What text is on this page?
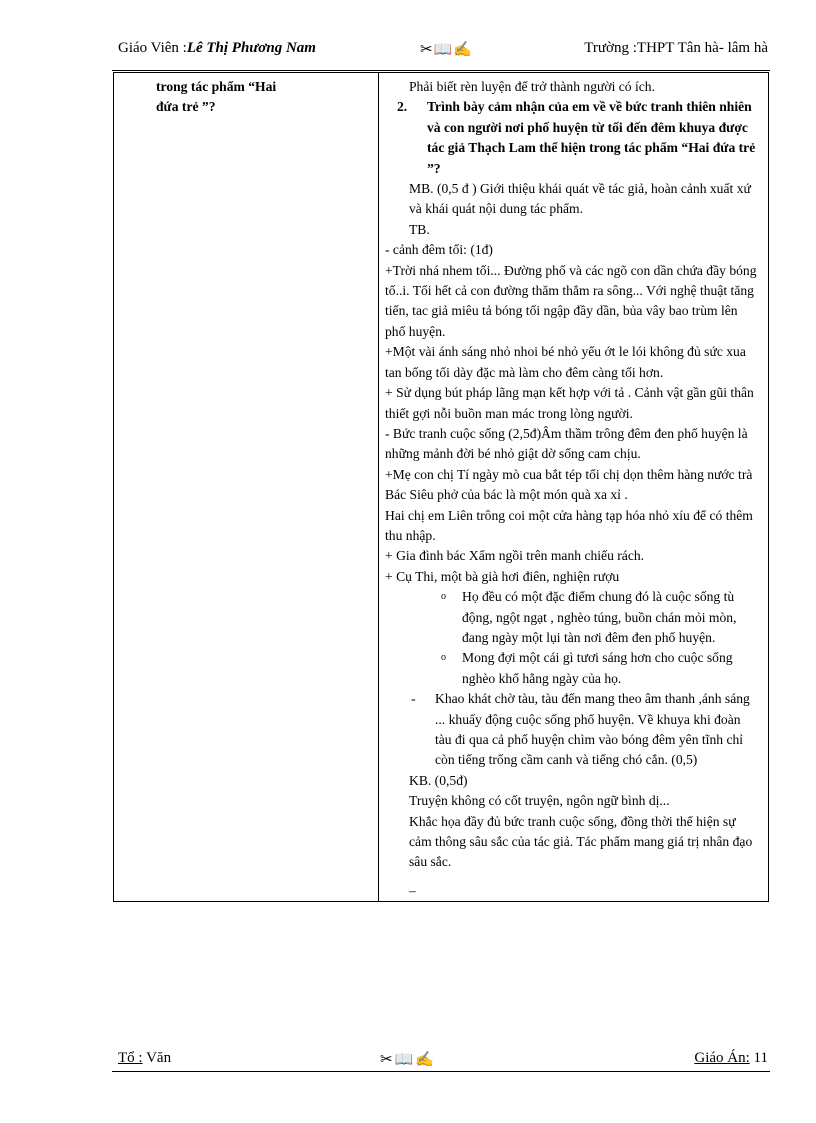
Giáo Viên :Lê Thị Phương Nam	✂📖✍	Trường :THPT Tân hà- lâm hà
trong tác phẩm “Hai
đứa trẻ ”?

Phải biết rèn luyện để trở thành người có ích.

2.	Trình bày cảm nhận của em về về bức tranh thiên nhiên và con người nơi phố huyện từ tối đến đêm khuya được tác giả Thạch Lam thể hiện trong tác phẩm “Hai đứa trẻ ”?

MB. (0,5 đ ) Giới thiệu khái quát về tác giả, hoàn cảnh xuất xứ và khái quát nội dung tác phẩm.

TB.

- cảnh đêm tối: (1đ)

+Trời nhá nhem tối... Đường phố và các ngõ con dần chứa đầy bóng tố..i. Tối hết cả con đường thăm thẳm ra sông... Với nghệ thuật tăng tiến, tac giả miêu tả bóng tối ngập đầy dần, bủa vây bao trùm lên phố huyện.

+Một vài ánh sáng nhỏ nhoi bé nhỏ yếu ớt le lói không đủ sức xua tan bống tối dày đặc mà làm cho đêm càng tối hơn.

+ Sử dụng bút pháp lãng mạn kết hợp với tả . Cảnh vật gần gũi thân thiết gợi nỗi buồn man mác trong lòng người.

- Bức tranh cuộc sống (2,5đ)Âm thầm trông đêm đen phố huyện là những mảnh đời bé nhỏ giật dờ sống cam chịu.

+Mẹ con chị Tí ngày mò cua bắt tép tối chị dọn thêm hàng nước trà Bác Siêu phở của bác là một món quà xa xỉ .

Hai chị em Liên trông coi một cửa hàng tạp hóa nhỏ xíu để có thêm thu nhập.

+ Gia đình bác Xẩm ngồi trên manh chiếu rách.

+ Cụ Thi, một bà già hơi điên, nghiện rượu

o	Họ đều có một đặc điểm chung đó là cuộc sống tù động, ngột ngạt , nghèo túng, buồn chán mỏi mòn, đang ngày một lụi tàn nơi đêm đen phố huyện.
o	Mong đợi một cái gì tươi sáng hơn cho cuộc sống nghèo khổ hằng ngày của họ.
-	Khao khát chờ tàu, tàu đến mang theo âm thanh ,ánh sáng ... khuấy động cuộc sống phố huyện. Về khuya khi đoàn tàu đi qua cả phố huyện chìm vào bóng đêm yên tĩnh chỉ còn tiếng trống cầm canh và tiếng chó cắn. (0,5)

KB. (0,5đ)

Truyện không có cốt truyện, ngôn ngữ bình dị...

Khắc họa đầy đủ bức tranh cuộc sống, đồng thời thể hiện sự cảm thông sâu sắc của tác giả. Tác phẩm mang giá trị nhân đạo sâu sắc.

–

Tổ : Văn	✂📖✍	Giáo Án: 11
